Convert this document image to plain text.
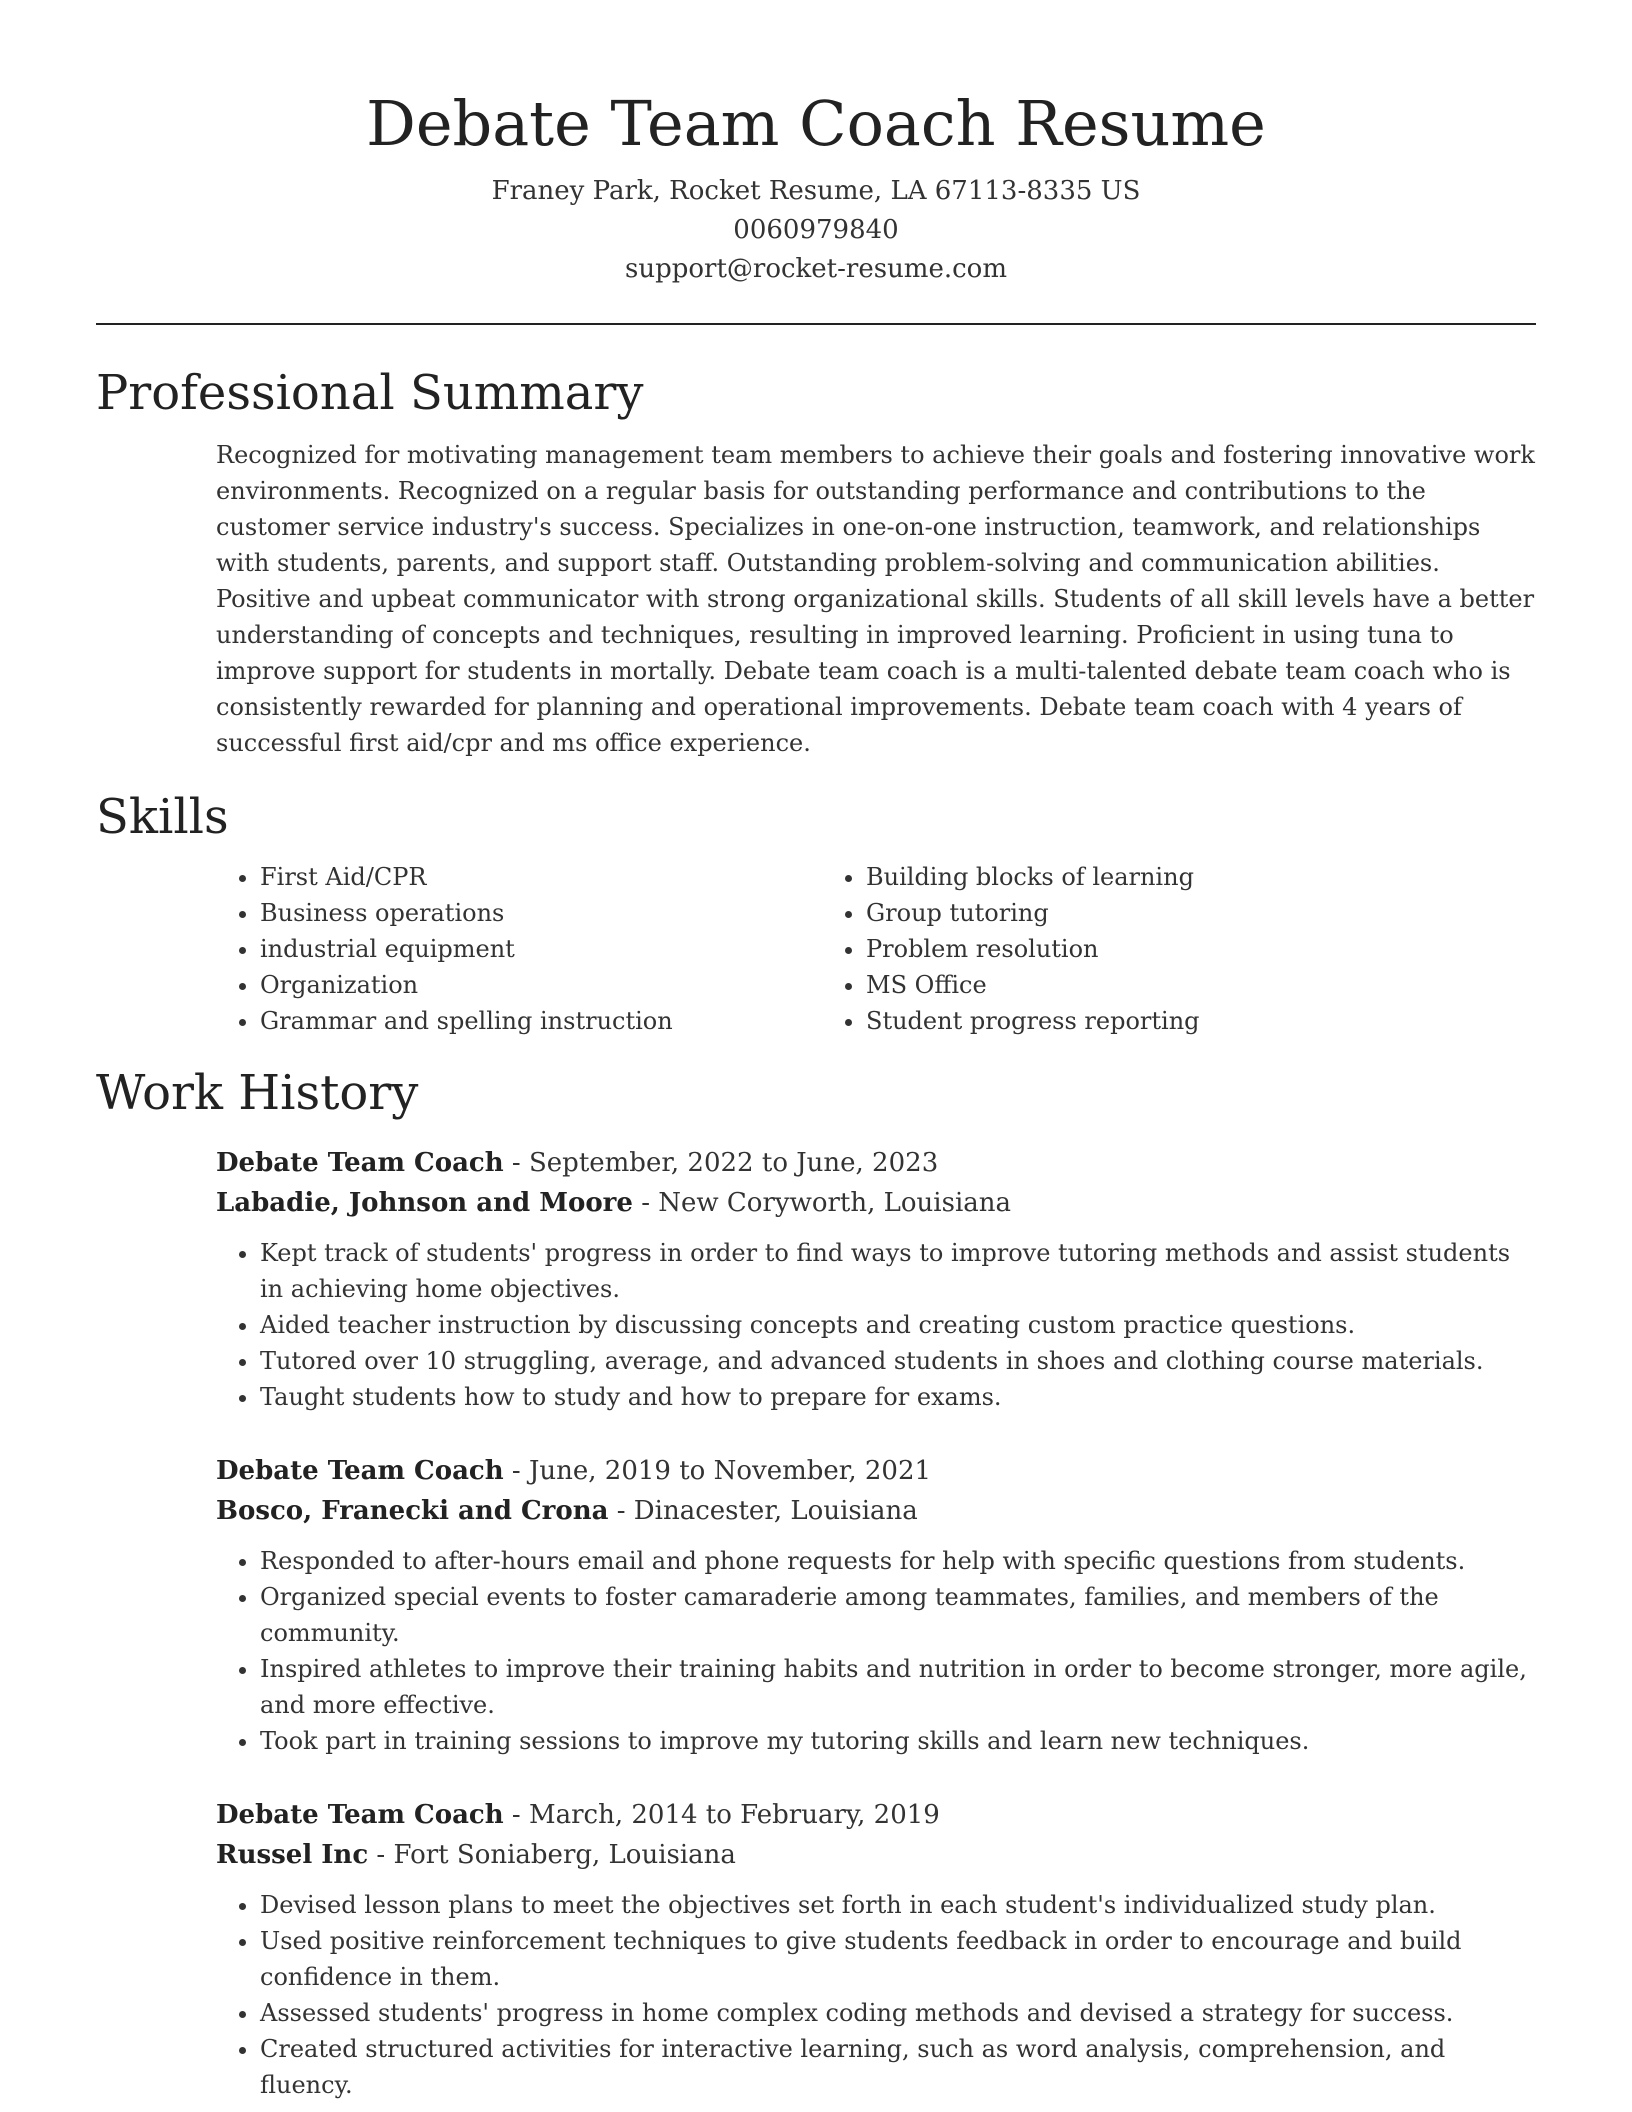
Debate Team Coach Resume
Franey Park, Rocket Resume, LA 67113-8335 US
0060979840
support@rocket-resume.com
Professional Summary

Recognized for motivating management team members to achieve their goals and fostering innovative work environments. Recognized on a regular basis for outstanding performance and contributions to the customer service industry's success. Specializes in one-on-one instruction, teamwork, and relationships with students, parents, and support staff. Outstanding problem-solving and communication abilities. Positive and upbeat communicator with strong organizational skills. Students of all skill levels have a better understanding of concepts and techniques, resulting in improved learning. Proficient in using tuna to improve support for students in mortally. Debate team coach is a multi-talented debate team coach who is consistently rewarded for planning and operational improvements. Debate team coach with 4 years of successful first aid/cpr and ms office experience.

Skills
• First Aid/CPR
• Business operations
• industrial equipment
• Organization
• Grammar and spelling instruction
• Building blocks of learning
• Group tutoring
• Problem resolution
• MS Office
• Student progress reporting
Work History
Debate Team Coach - September, 2022 to June, 2023
Labadie, Johnson and Moore - New Coryworth, Louisiana
• Kept track of students' progress in order to find ways to improve tutoring methods and assist students in achieving home objectives.
• Aided teacher instruction by discussing concepts and creating custom practice questions.
• Tutored over 10 struggling, average, and advanced students in shoes and clothing course materials.
• Taught students how to study and how to prepare for exams.
Debate Team Coach - June, 2019 to November, 2021
Bosco, Franecki and Crona - Dinacester, Louisiana
• Responded to after-hours email and phone requests for help with specific questions from students.
• Organized special events to foster camaraderie among teammates, families, and members of the community.
• Inspired athletes to improve their training habits and nutrition in order to become stronger, more agile, and more effective.
• Took part in training sessions to improve my tutoring skills and learn new techniques.
Debate Team Coach - March, 2014 to February, 2019
Russel Inc - Fort Soniaberg, Louisiana
• Devised lesson plans to meet the objectives set forth in each student's individualized study plan.
• Used positive reinforcement techniques to give students feedback in order to encourage and build confidence in them.
• Assessed students' progress in home complex coding methods and devised a strategy for success.
• Created structured activities for interactive learning, such as word analysis, comprehension, and fluency.
